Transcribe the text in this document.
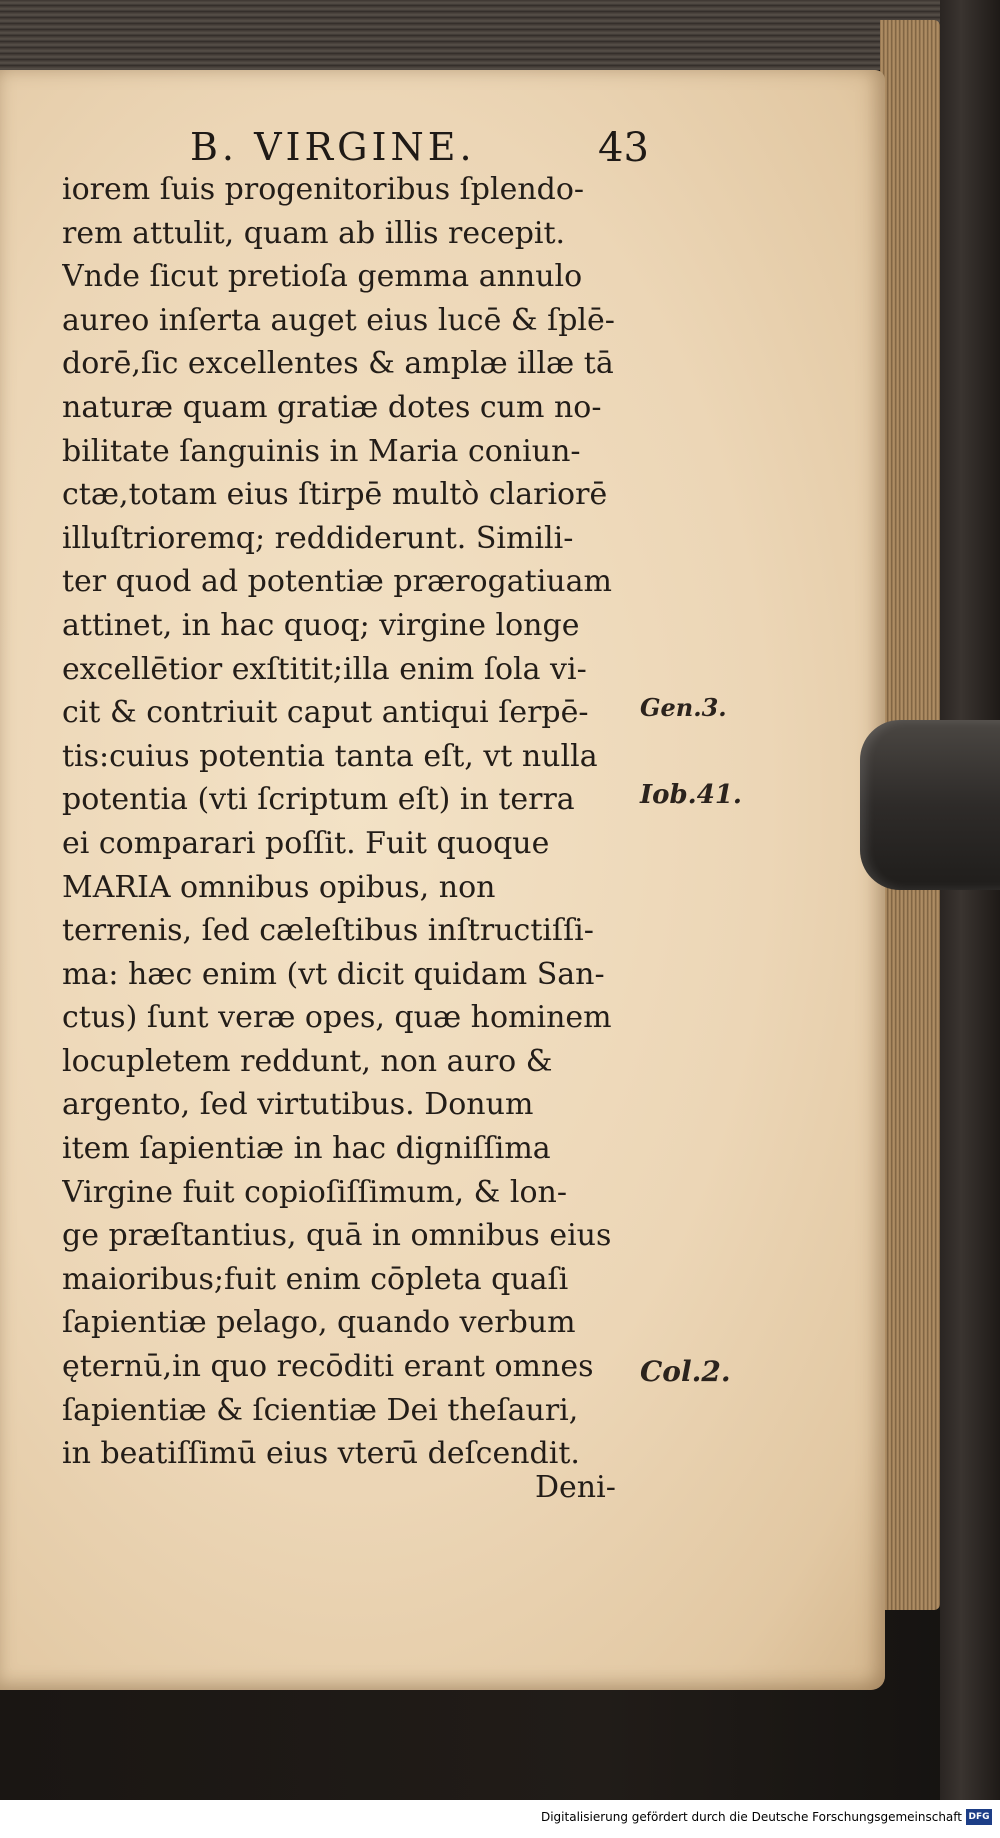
B. VIRGINE.	43
iorem ſuis progenitoribus ſplendo-
rem attulit, quam ab illis recepit.
Vnde ſicut pretioſa gemma annulo
aureo inſerta auget eius lucē & ſplē-
dorē,ſic excellentes & amplæ illæ tā
naturæ quam gratiæ dotes cum no-
bilitate ſanguinis in Maria coniun-
ctæ,totam eius ſtirpē multò clariorē
illuſtrioremq; reddiderunt. Simili-
ter quod ad potentiæ prærogatiuam
attinet, in hac quoq; virgine longe
excellētior exſtitit;illa enim ſola vi-
cit & contriuit caput antiqui ſerpē-
tis:cuius potentia tanta eſt, vt nulla
potentia (vti ſcriptum eſt) in terra
ei comparari poſſit. Fuit quoque
MARIA omnibus opibus, non
terrenis, ſed cæleſtibus inſtructiſſi-
ma: hæc enim (vt dicit quidam San-
ctus) ſunt veræ opes, quæ hominem
locupletem reddunt, non auro &
argento, ſed virtutibus. Donum
item ſapientiæ in hac digniſſima
Virgine fuit copioſiſſimum, & lon-
ge præſtantius, quā in omnibus eius
maioribus;fuit enim cōpleta quaſi
ſapientiæ pelago, quando verbum
ęternū,in quo recōditi erant omnes
ſapientiæ & ſcientiæ Dei theſauri,
in beatiſſimū eius vterū deſcendit.
Deni-
Gen.3.
Iob.41.
Col.2.
Digitalisierung gefördert durch die Deutsche Forschungsgemeinschaft DFG
